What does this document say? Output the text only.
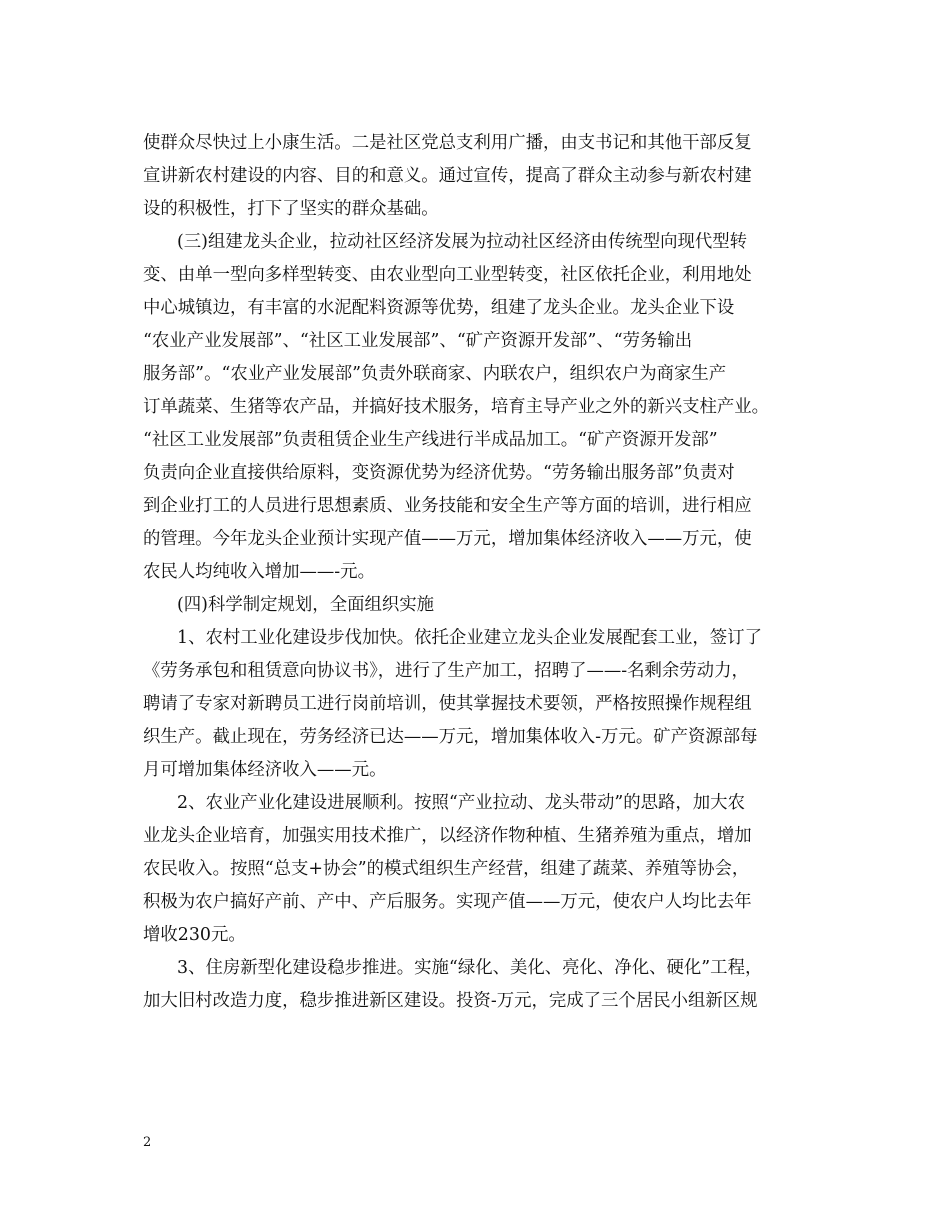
使群众尽快过上小康生活。二是社区党总支利用广播，由支书记和其他干部反复
宣讲新农村建设的内容、目的和意义。通过宣传，提高了群众主动参与新农村建
设的积极性，打下了坚实的群众基础。
(三)组建龙头企业，拉动社区经济发展为拉动社区经济由传统型向现代型转
变、由单一型向多样型转变、由农业型向工业型转变，社区依托企业，利用地处
中心城镇边，有丰富的水泥配料资源等优势，组建了龙头企业。龙头企业下设
“农业产业发展部”、“社区工业发展部”、“矿产资源开发部”、“劳务输出
服务部”。“农业产业发展部”负责外联商家、内联农户，组织农户为商家生产
订单蔬菜、生猪等农产品，并搞好技术服务，培育主导产业之外的新兴支柱产业。
“社区工业发展部”负责租赁企业生产线进行半成品加工。“矿产资源开发部”
负责向企业直接供给原料，变资源优势为经济优势。“劳务输出服务部”负责对
到企业打工的人员进行思想素质、业务技能和安全生产等方面的培训，进行相应
的管理。今年龙头企业预计实现产值——万元，增加集体经济收入——万元，使
农民人均纯收入增加——-元。
(四)科学制定规划，全面组织实施
1、农村工业化建设步伐加快。依托企业建立龙头企业发展配套工业，签订了
《劳务承包和租赁意向协议书》，进行了生产加工，招聘了——-名剩余劳动力，
聘请了专家对新聘员工进行岗前培训，使其掌握技术要领，严格按照操作规程组
织生产。截止现在，劳务经济已达——万元，增加集体收入-万元。矿产资源部每
月可增加集体经济收入——元。
2、农业产业化建设进展顺利。按照“产业拉动、龙头带动”的思路，加大农
业龙头企业培育，加强实用技术推广，以经济作物种植、生猪养殖为重点，增加
农民收入。按照“总支+协会”的模式组织生产经营，组建了蔬菜、养殖等协会，
积极为农户搞好产前、产中、产后服务。实现产值——万元，使农户人均比去年
增收230元。
3、住房新型化建设稳步推进。实施“绿化、美化、亮化、净化、硬化”工程，
加大旧村改造力度，稳步推进新区建设。投资-万元，完成了三个居民小组新区规
2
